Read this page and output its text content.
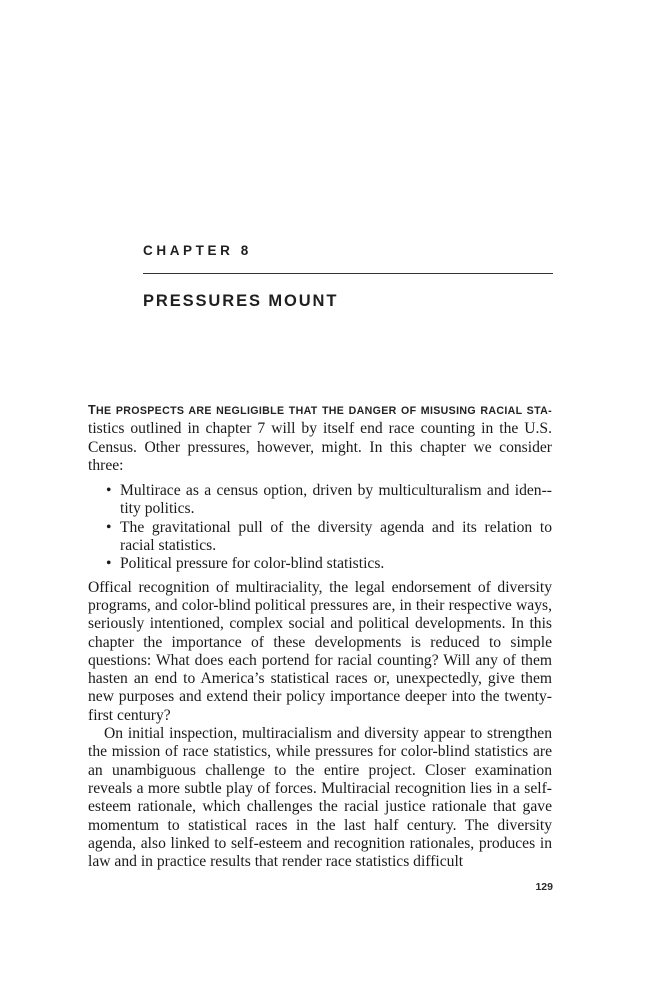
CHAPTER 8
PRESSURES MOUNT

THE PROSPECTS ARE NEGLIGIBLE THAT THE DANGER OF MISUSING RACIAL STA- tistics outlined in chapter 7 will by itself end race counting in the U.S. Census. Other pressures, however, might. In this chapter we consider three:

• Multirace as a census option, driven by multiculturalism and iden-tity politics.
• The gravitational pull of the diversity agenda and its relation to racial statistics.
• Political pressure for color-blind statistics.

Offical recognition of multiraciality, the legal endorsement of diversity programs, and color-blind political pressures are, in their respective ways, seriously intentioned, complex social and political developments. In this chapter the importance of these developments is reduced to simple questions: What does each portend for racial counting? Will any of them hasten an end to America’s statistical races or, unexpectedly, give them new purposes and extend their policy importance deeper into the twenty-first century?

On initial inspection, multiracialism and diversity appear to strengthen the mission of race statistics, while pressures for color-blind statistics are an unambiguous challenge to the entire project. Closer examination reveals a more subtle play of forces. Multiracial recognition lies in a self-esteem rationale, which challenges the racial justice rationale that gave momentum to statistical races in the last half century. The diversity agenda, also linked to self-esteem and recognition rationales, produces in law and in practice results that render race statistics difficult

129
